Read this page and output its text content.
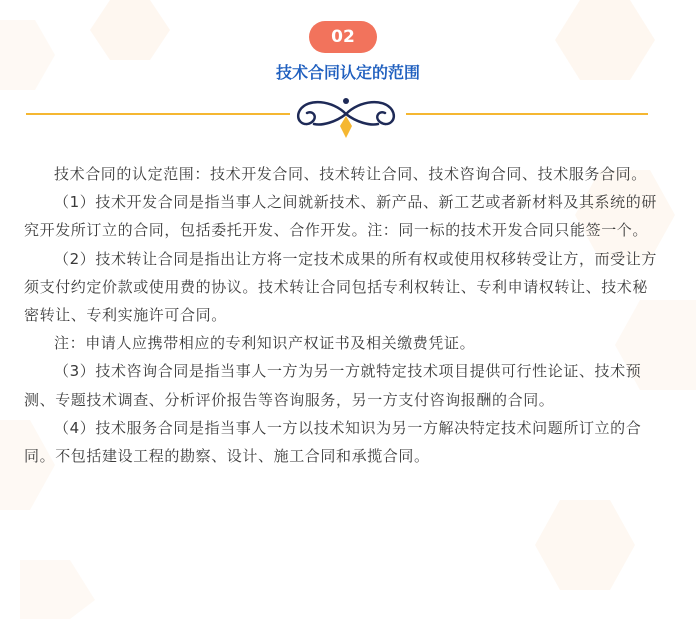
02
技术合同认定的范围

技术合同的认定范围：技术开发合同、技术转让合同、技术咨询合同、技术服务合同。

（1）技术开发合同是指当事人之间就新技术、新产品、新工艺或者新材料及其系统的研究开发所订立的合同，包括委托开发、合作开发。注：同一标的技术开发合同只能签一个。

（2）技术转让合同是指出让方将一定技术成果的所有权或使用权移转受让方，而受让方须支付约定价款或使用费的协议。技术转让合同包括专利权转让、专利申请权转让、技术秘密转让、专利实施许可合同。

注：申请人应携带相应的专利知识产权证书及相关缴费凭证。

（3）技术咨询合同是指当事人一方为另一方就特定技术项目提供可行性论证、技术预测、专题技术调查、分析评价报告等咨询服务，另一方支付咨询报酬的合同。

（4）技术服务合同是指当事人一方以技术知识为另一方解决特定技术问题所订立的合同。不包括建设工程的勘察、设计、施工合同和承揽合同。
